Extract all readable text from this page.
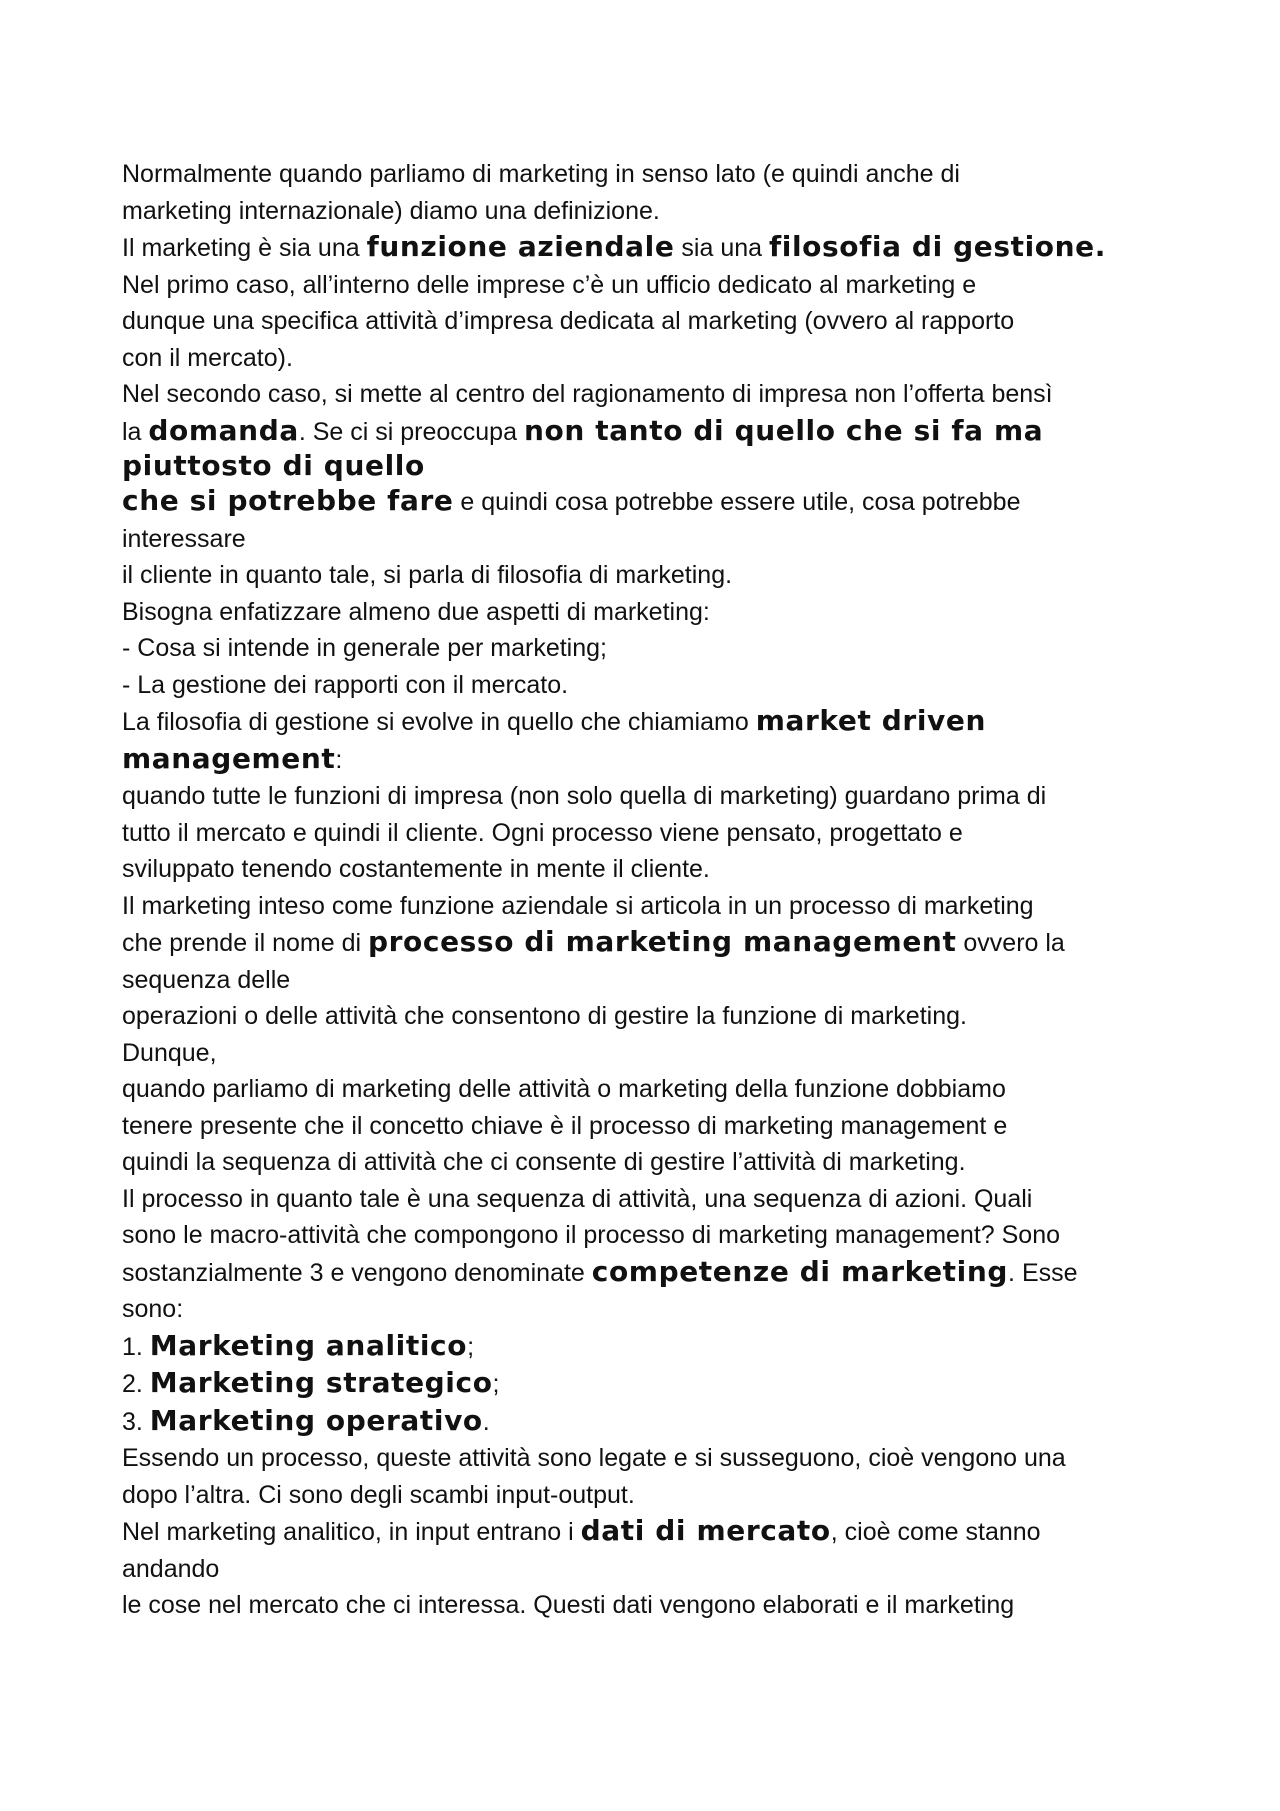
Normalmente quando parliamo di marketing in senso lato (e quindi anche di

marketing internazionale) diamo una definizione.

Il marketing è sia una funzione aziendale sia una filosofia di gestione.

Nel primo caso, all’interno delle imprese c’è un ufficio dedicato al marketing e

dunque una specifica attività d’impresa dedicata al marketing (ovvero al rapporto

con il mercato).

Nel secondo caso, si mette al centro del ragionamento di impresa non l’offerta bensì

la domanda. Se ci si preoccupa non tanto di quello che si fa ma

piuttosto di quello

che si potrebbe fare e quindi cosa potrebbe essere utile, cosa potrebbe

interessare

il cliente in quanto tale, si parla di filosofia di marketing.

Bisogna enfatizzare almeno due aspetti di marketing:

- Cosa si intende in generale per marketing;

- La gestione dei rapporti con il mercato.

La filosofia di gestione si evolve in quello che chiamiamo market driven

management:

quando tutte le funzioni di impresa (non solo quella di marketing) guardano prima di

tutto il mercato e quindi il cliente. Ogni processo viene pensato, progettato e

sviluppato tenendo costantemente in mente il cliente.

Il marketing inteso come funzione aziendale si articola in un processo di marketing

che prende il nome di processo di marketing management ovvero la

sequenza delle

operazioni o delle attività che consentono di gestire la funzione di marketing.

Dunque,

quando parliamo di marketing delle attività o marketing della funzione dobbiamo

tenere presente che il concetto chiave è il processo di marketing management e

quindi la sequenza di attività che ci consente di gestire l’attività di marketing.

Il processo in quanto tale è una sequenza di attività, una sequenza di azioni. Quali

sono le macro-attività che compongono il processo di marketing management? Sono

sostanzialmente 3 e vengono denominate competenze di marketing. Esse

sono:

1. Marketing analitico;

2. Marketing strategico;

3. Marketing operativo.

Essendo un processo, queste attività sono legate e si susseguono, cioè vengono una

dopo l’altra. Ci sono degli scambi input-output.

Nel marketing analitico, in input entrano i dati di mercato, cioè come stanno

andando

le cose nel mercato che ci interessa. Questi dati vengono elaborati e il marketing
